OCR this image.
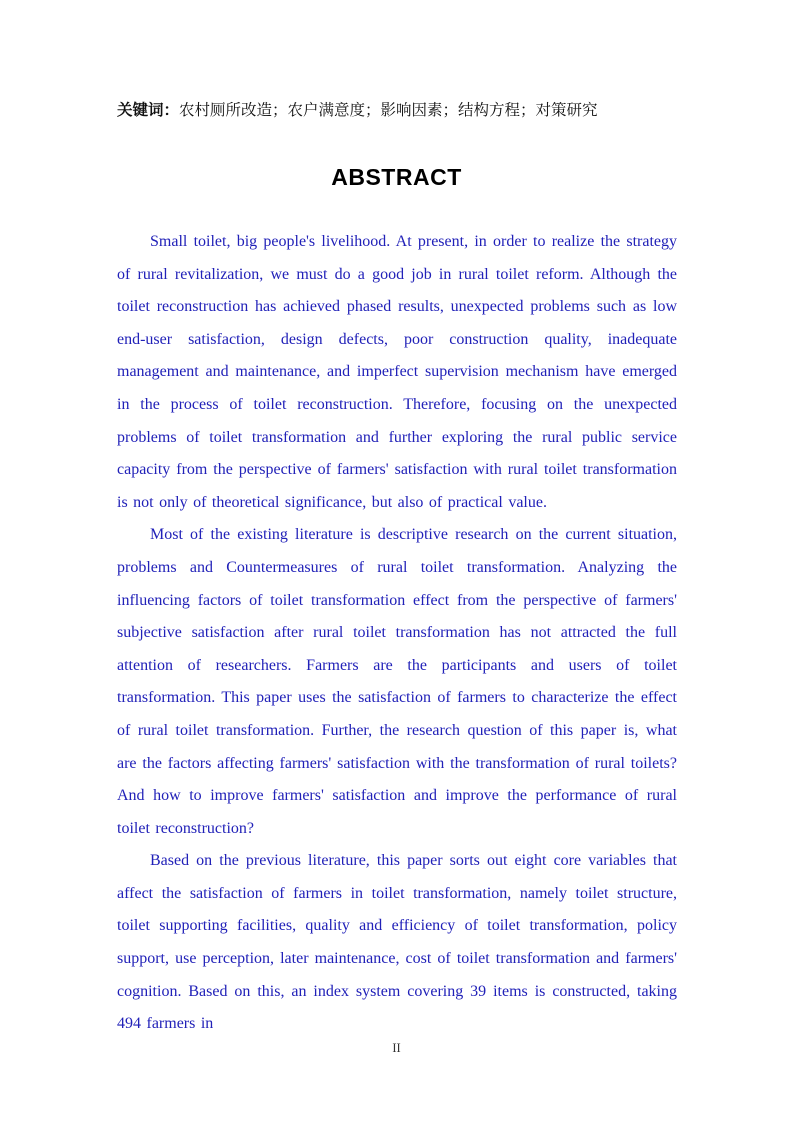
关键词：农村厕所改造；农户满意度；影响因素；结构方程；对策研究
ABSTRACT

Small toilet, big people's livelihood. At present, in order to realize the strategy of rural revitalization, we must do a good job in rural toilet reform. Although the toilet reconstruction has achieved phased results, unexpected problems such as low end-user satisfaction, design defects, poor construction quality, inadequate management and maintenance, and imperfect supervision mechanism have emerged in the process of toilet reconstruction. Therefore, focusing on the unexpected problems of toilet transformation and further exploring the rural public service capacity from the perspective of farmers' satisfaction with rural toilet transformation is not only of theoretical significance, but also of practical value.

Most of the existing literature is descriptive research on the current situation, problems and Countermeasures of rural toilet transformation. Analyzing the influencing factors of toilet transformation effect from the perspective of farmers' subjective satisfaction after rural toilet transformation has not attracted the full attention of researchers. Farmers are the participants and users of toilet transformation. This paper uses the satisfaction of farmers to characterize the effect of rural toilet transformation. Further, the research question of this paper is, what are the factors affecting farmers' satisfaction with the transformation of rural toilets? And how to improve farmers' satisfaction and improve the performance of rural toilet reconstruction?

Based on the previous literature, this paper sorts out eight core variables that affect the satisfaction of farmers in toilet transformation, namely toilet structure, toilet supporting facilities, quality and efficiency of toilet transformation, policy support, use perception, later maintenance, cost of toilet transformation and farmers' cognition. Based on this, an index system covering 39 items is constructed, taking 494 farmers in

II
